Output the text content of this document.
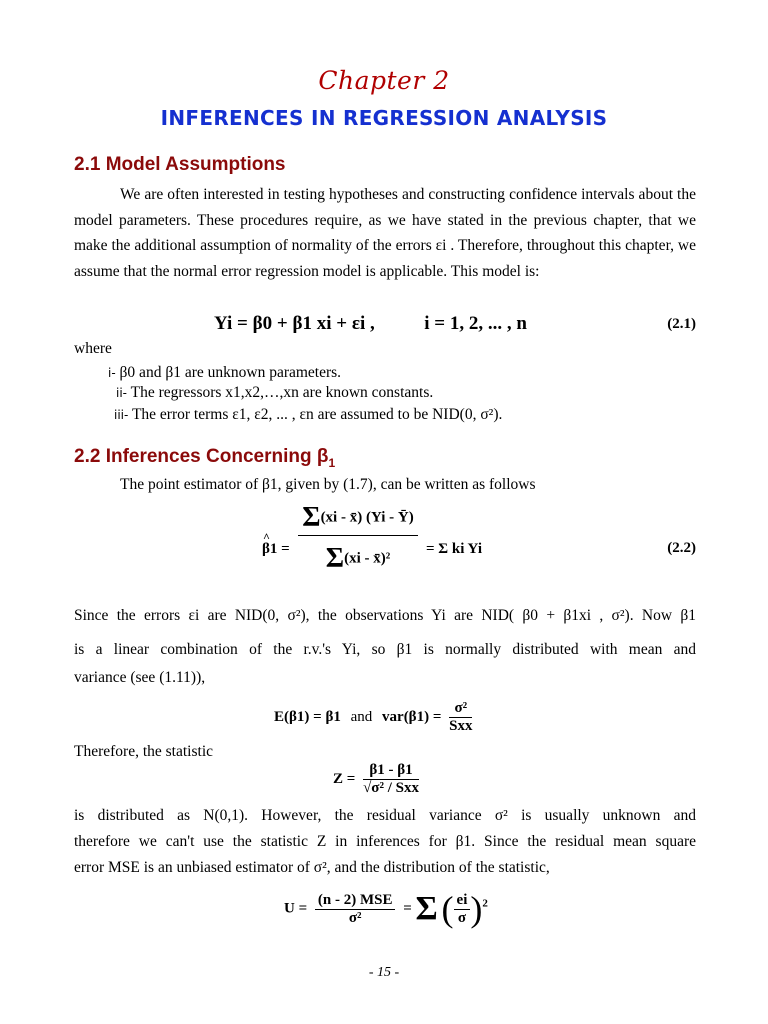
Chapter 2
INFERENCES IN REGRESSION ANALYSIS
2.1 Model Assumptions
We are often interested in testing hypotheses and constructing confidence intervals about the model parameters. These procedures require, as we have stated in the previous chapter, that we make the additional assumption of normality of the errors εi . Therefore, throughout this chapter, we assume that the normal error regression model is applicable. This model is:
Yi = β0 + β1 xi + εi ,	i = 1, 2, ... , n	(2.1)
where
i- β0 and β1 are unknown parameters.
ii- The regressors x1,x2,…,xn are known constants.
iii- The error terms ε1, ε2, ... , εn are assumed to be NID(0, σ²).
2.2 Inferences Concerning $\beta_1$
The point estimator of β1, given by (1.7), can be written as follows
^ $\beta 1 = \frac{\Sigma(xi - x̄) (Yi - Ȳ)}{\text{Σ(xi - x̄)²}} = \Sigma$ ki Yi	(2.2)
Since the errors εi are NID(0, σ²), the observations Yi are NID( β0 + β1xi , σ²). Now β1
is a linear combination of the r.v.'s Yi, so β1 is normally distributed with mean and
variance (see (1.11)),
E(β1) = β1 and $var(\beta 1) = \frac{\text{σ²}}{\text{Sxx}}$
Therefore, the statistic
$Z = \frac{\beta 1 - \beta 1}{\text{√σ² / Sxx}}$
is distributed as N(0,1). However, the residual variance σ² is usually unknown and
therefore we can't use the statistic Z in inferences for β1. Since the residual mean square
error MSE is an unbiased estimator of σ², and the distribution of the statistic,
$U = \frac{\text{(n - 2) MSE}}{\text{σ²}} = \Sigma$ ( $\frac{ei}{\sigma} )^2$
- 15 -
